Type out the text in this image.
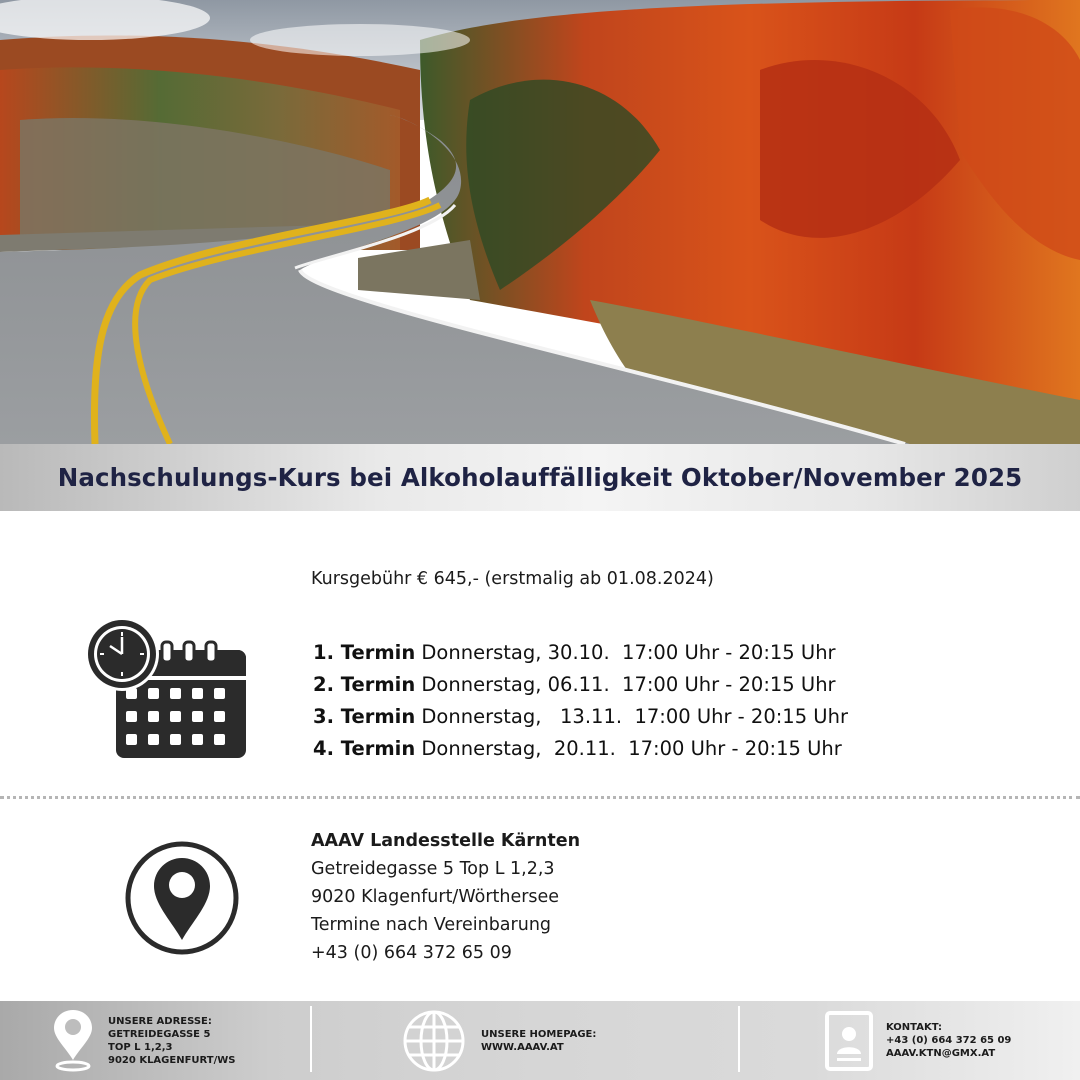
Nachschulungs-Kurs bei Alkoholauffälligkeit Oktober/November 2025
Kursgebühr € 645,- (erstmalig ab 01.08.2024)
1. Termin Donnerstag, 30.10.  17:00 Uhr - 20:15 Uhr
2. Termin Donnerstag, 06.11.  17:00 Uhr - 20:15 Uhr
3. Termin Donnerstag,   13.11.  17:00 Uhr - 20:15 Uhr
4. Termin Donnerstag,  20.11.  17:00 Uhr - 20:15 Uhr
AAAV Landesstelle Kärnten
Getreidegasse 5 Top L 1,2,3
9020 Klagenfurt/Wörthersee
Termine nach Vereinbarung
+43 (0) 664 372 65 09
UNSERE ADRESSE:
GETREIDEGASSE 5
TOP L 1,2,3
9020 KLAGENFURT/WS
UNSERE HOMEPAGE:
WWW.AAAV.AT
KONTAKT:
+43 (0) 664 372 65 09
AAAV.KTN@GMX.AT
